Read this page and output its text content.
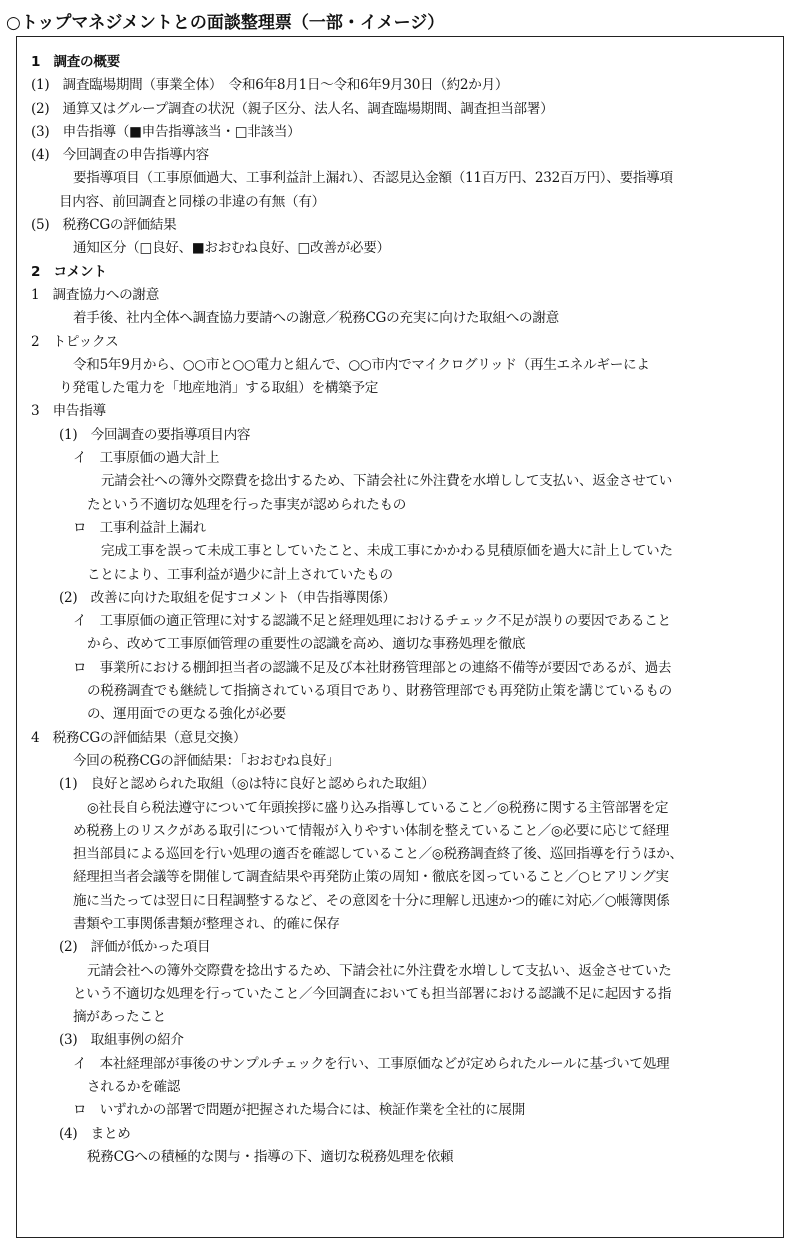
○トップマネジメントとの面談整理票（一部・イメージ）
1　調査の概要
(1)　調査臨場期間（事業全体）　令和6年8月1日～令和6年9月30日（約2か月）
(2)　通算又はグループ調査の状況（親子区分、法人名、調査臨場期間、調査担当部署）
(3)　申告指導（■申告指導該当・□非該当）
(4)　今回調査の申告指導内容
要指導項目（工事原価過大、工事利益計上漏れ）、否認見込金額（11百万円、232百万円）、要指導項
目内容、前回調査と同様の非違の有無（有）
(5)　税務CGの評価結果
通知区分（□良好、■おおむね良好、□改善が必要）
2　コメント
1　調査協力への謝意
着手後、社内全体へ調査協力要請への謝意／税務CGの充実に向けた取組への謝意
2　トピックス
令和5年9月から、○○市と○○電力と組んで、○○市内でマイクログリッド（再生エネルギーによ
り発電した電力を「地産地消」する取組）を構築予定
3　申告指導
(1)　今回調査の要指導項目内容
イ　工事原価の過大計上
元請会社への簿外交際費を捻出するため、下請会社に外注費を水増しして支払い、返金させてい
たという不適切な処理を行った事実が認められたもの
ロ　工事利益計上漏れ
完成工事を誤って未成工事としていたこと、未成工事にかかわる見積原価を過大に計上していた
ことにより、工事利益が過少に計上されていたもの
(2)　改善に向けた取組を促すコメント（申告指導関係）
イ　工事原価の適正管理に対する認識不足と経理処理におけるチェック不足が誤りの要因であること
から、改めて工事原価管理の重要性の認識を高め、適切な事務処理を徹底
ロ　事業所における棚卸担当者の認識不足及び本社財務管理部との連絡不備等が要因であるが、過去
の税務調査でも継続して指摘されている項目であり、財務管理部でも再発防止策を講じているもの
の、運用面での更なる強化が必要
4　税務CGの評価結果（意見交換）
今回の税務CGの評価結果：「おおむね良好」
(1)　良好と認められた取組（◎は特に良好と認められた取組）
◎社長自ら税法遵守について年頭挨拶に盛り込み指導していること／◎税務に関する主管部署を定
め税務上のリスクがある取引について情報が入りやすい体制を整えていること／◎必要に応じて経理
担当部員による巡回を行い処理の適否を確認していること／◎税務調査終了後、巡回指導を行うほか、
経理担当者会議等を開催して調査結果や再発防止策の周知・徹底を図っていること／○ヒアリング実
施に当たっては翌日に日程調整するなど、その意図を十分に理解し迅速かつ的確に対応／○帳簿関係
書類や工事関係書類が整理され、的確に保存
(2)　評価が低かった項目
元請会社への簿外交際費を捻出するため、下請会社に外注費を水増しして支払い、返金させていた
という不適切な処理を行っていたこと／今回調査においても担当部署における認識不足に起因する指
摘があったこと
(3)　取組事例の紹介
イ　本社経理部が事後のサンプルチェックを行い、工事原価などが定められたルールに基づいて処理
されるかを確認
ロ　いずれかの部署で問題が把握された場合には、検証作業を全社的に展開
(4)　まとめ
税務CGへの積極的な関与・指導の下、適切な税務処理を依頼
